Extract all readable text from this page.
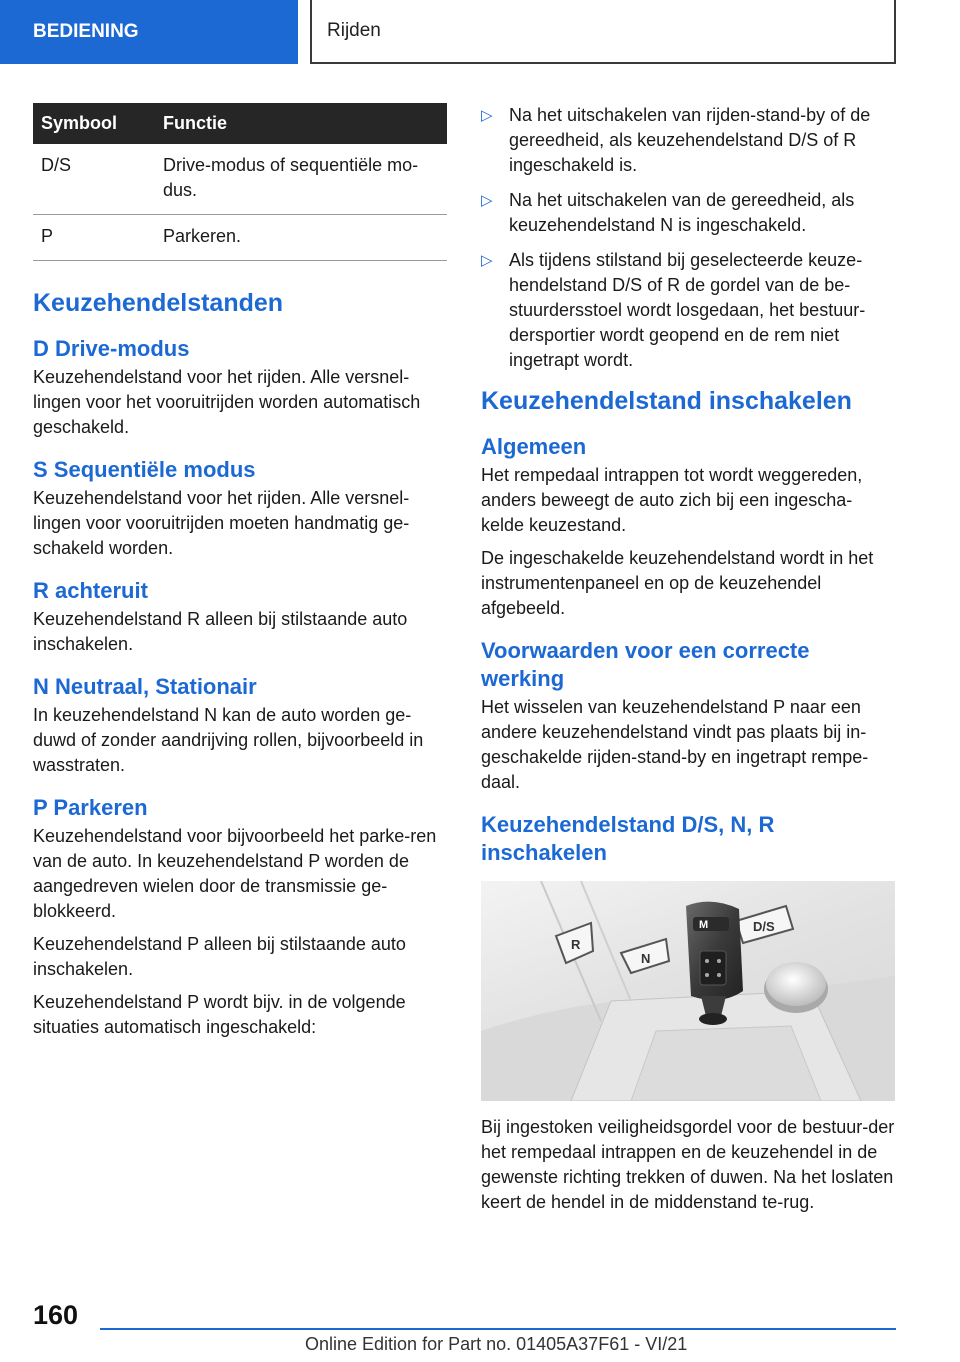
BEDIENING	Rijden
Symbool	Functie
D/S	Drive-modus of sequentiële mo-dus.
P	Parkeren.
Keuzehendelstanden
D Drive-modus

Keuzehendelstand voor het rijden. Alle versnel-lingen voor het vooruitrijden worden automatisch geschakeld.

S Sequentiële modus

Keuzehendelstand voor het rijden. Alle versnel-lingen voor vooruitrijden moeten handmatig ge-schakeld worden.

R achteruit

Keuzehendelstand R alleen bij stilstaande auto inschakelen.

N Neutraal, Stationair

In keuzehendelstand N kan de auto worden ge-duwd of zonder aandrijving rollen, bijvoorbeeld in wasstraten.

P Parkeren

Keuzehendelstand voor bijvoorbeeld het parke-ren van de auto. In keuzehendelstand P worden de aangedreven wielen door de transmissie ge-blokkeerd.

Keuzehendelstand P alleen bij stilstaande auto inschakelen.

Keuzehendelstand P wordt bijv. in de volgende situaties automatisch ingeschakeld:

▷ Na het uitschakelen van rijden-stand-by of de gereedheid, als keuzehendelstand D/S of R ingeschakeld is.
▷ Na het uitschakelen van de gereedheid, als keuzehendelstand N is ingeschakeld.
▷ Als tijdens stilstand bij geselecteerde keuze-hendelstand D/S of R de gordel van de be-stuurdersstoel wordt losgedaan, het bestuur-dersportier wordt geopend en de rem niet ingetrapt wordt.
Keuzehendelstand inschakelen
Algemeen

Het rempedaal intrappen tot wordt weggereden, anders beweegt de auto zich bij een ingescha-kelde keuzestand.

De ingeschakelde keuzehendelstand wordt in het instrumentenpaneel en op de keuzehendel afgebeeld.

Voorwaarden voor een correcte werking

Het wisselen van keuzehendelstand P naar een andere keuzehendelstand vindt pas plaats bij in-geschakelde rijden-stand-by en ingetrapt rempe-daal.

Keuzehendelstand D/S, N, R inschakelen
R
N
D/S
M

Bij ingestoken veiligheidsgordel voor de bestuur-der het rempedaal intrappen en de keuzehendel in de gewenste richting trekken of duwen. Na het loslaten keert de hendel in de middenstand te-rug.

160
Online Edition for Part no. 01405A37F61 - VI/21
